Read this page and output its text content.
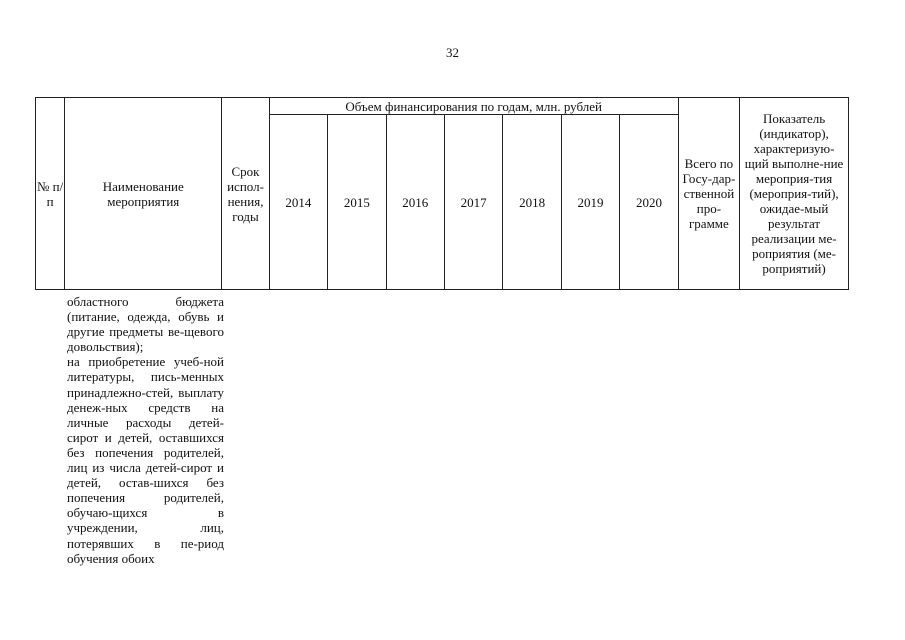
32
№ п/п	Наименование мероприятия	Срок испол-нения, годы	Объем финансирования по годам, млн. рублей							Всего по Госу-дар-ственной про-грамме	Показатель (индикатор), характеризую-щий выполне-ние мероприя-тия (мероприя-тий), ожидае-мый результат реализации ме-роприятия (ме-роприятий)
			2014	2015	2016	2017	2018	2019	2020		
областного бюджета (питание, одежда, обувь и другие предметы ве-щевого довольствия);
на приобретение учеб-ной литературы, пись-менных принадлежно-стей, выплату денеж-ных средств на личные расходы детей-сирот и детей, оставшихся без попечения родителей, лиц из числа детей-сирот и детей, остав-шихся без попечения родителей, обучаю-щихся в учреждении, лиц, потерявших в пе-риод обучения обоих
